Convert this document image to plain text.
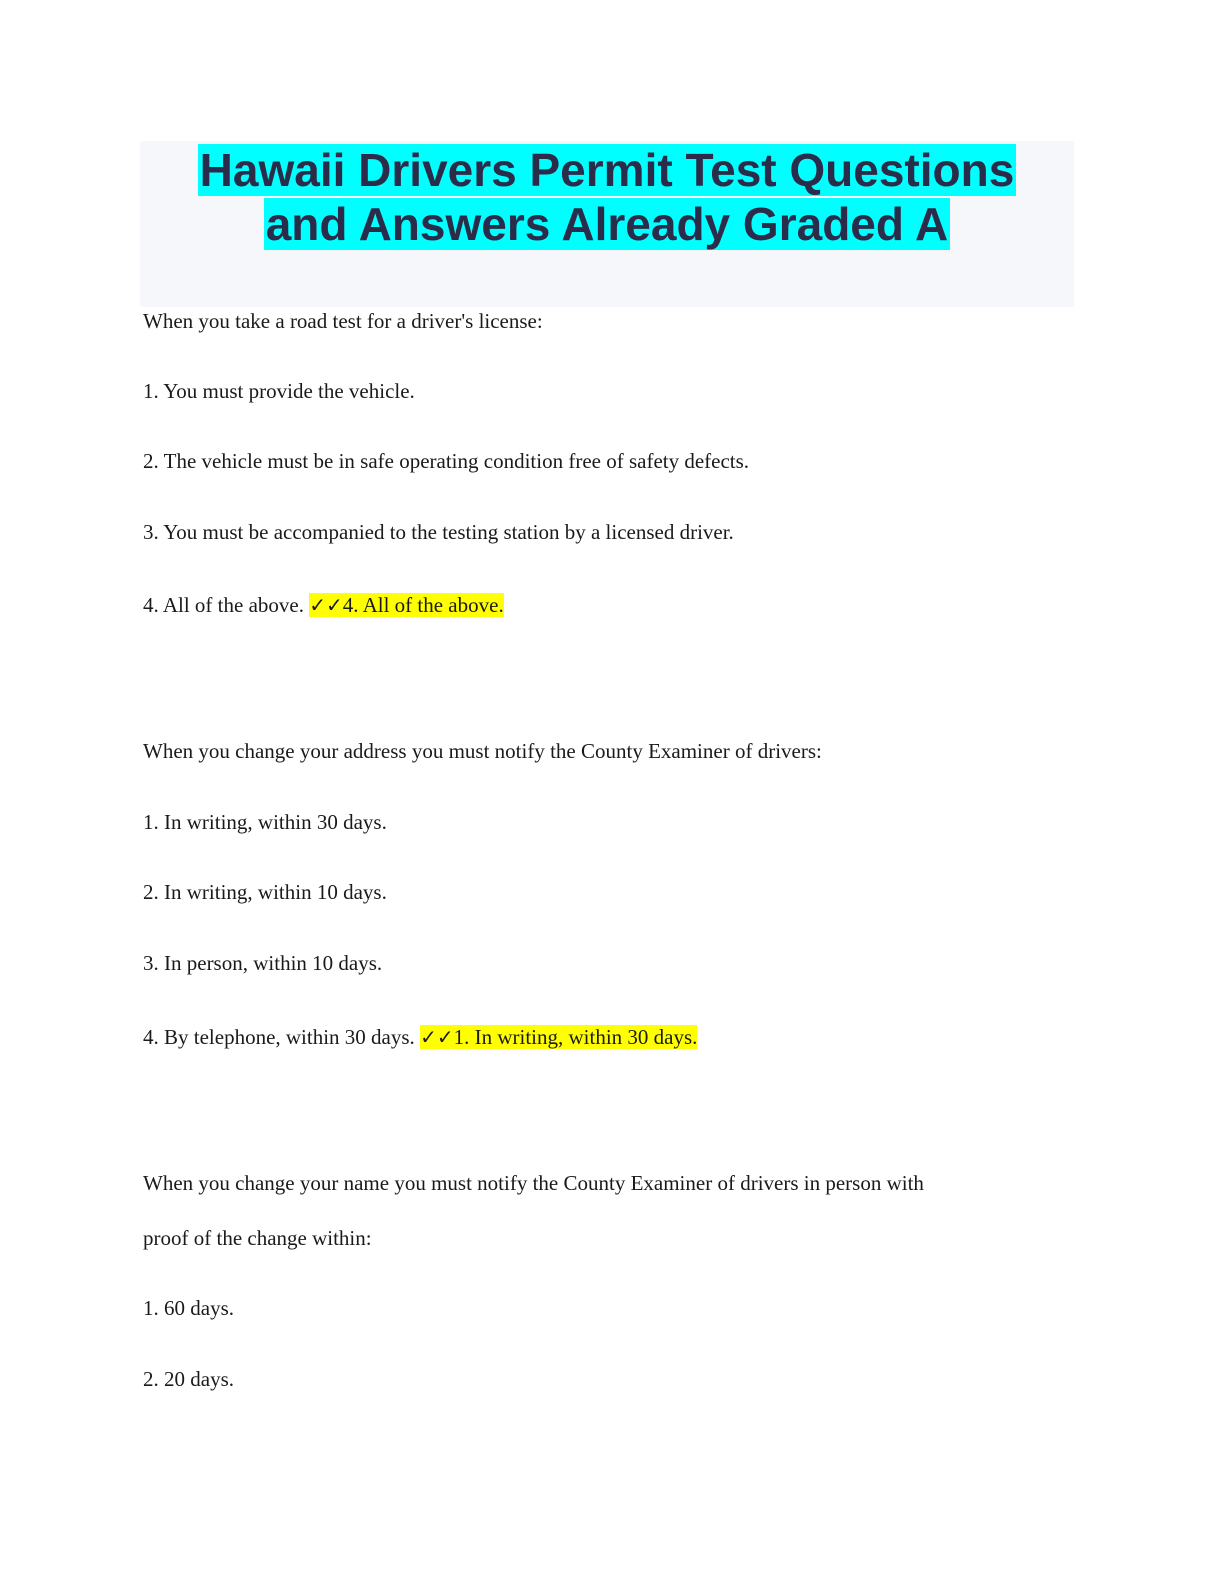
Hawaii Drivers Permit Test Questions
and Answers Already Graded A
When you take a road test for a driver's license:
1. You must provide the vehicle.
2. The vehicle must be in safe operating condition free of safety defects.
3. You must be accompanied to the testing station by a licensed driver.
4. All of the above. ✓✓4. All of the above.
When you change your address you must notify the County Examiner of drivers:
1. In writing, within 30 days.
2. In writing, within 10 days.
3. In person, within 10 days.
4. By telephone, within 30 days. ✓✓1. In writing, within 30 days.
When you change your name you must notify the County Examiner of drivers in person with
proof of the change within:
1. 60 days.
2. 20 days.
